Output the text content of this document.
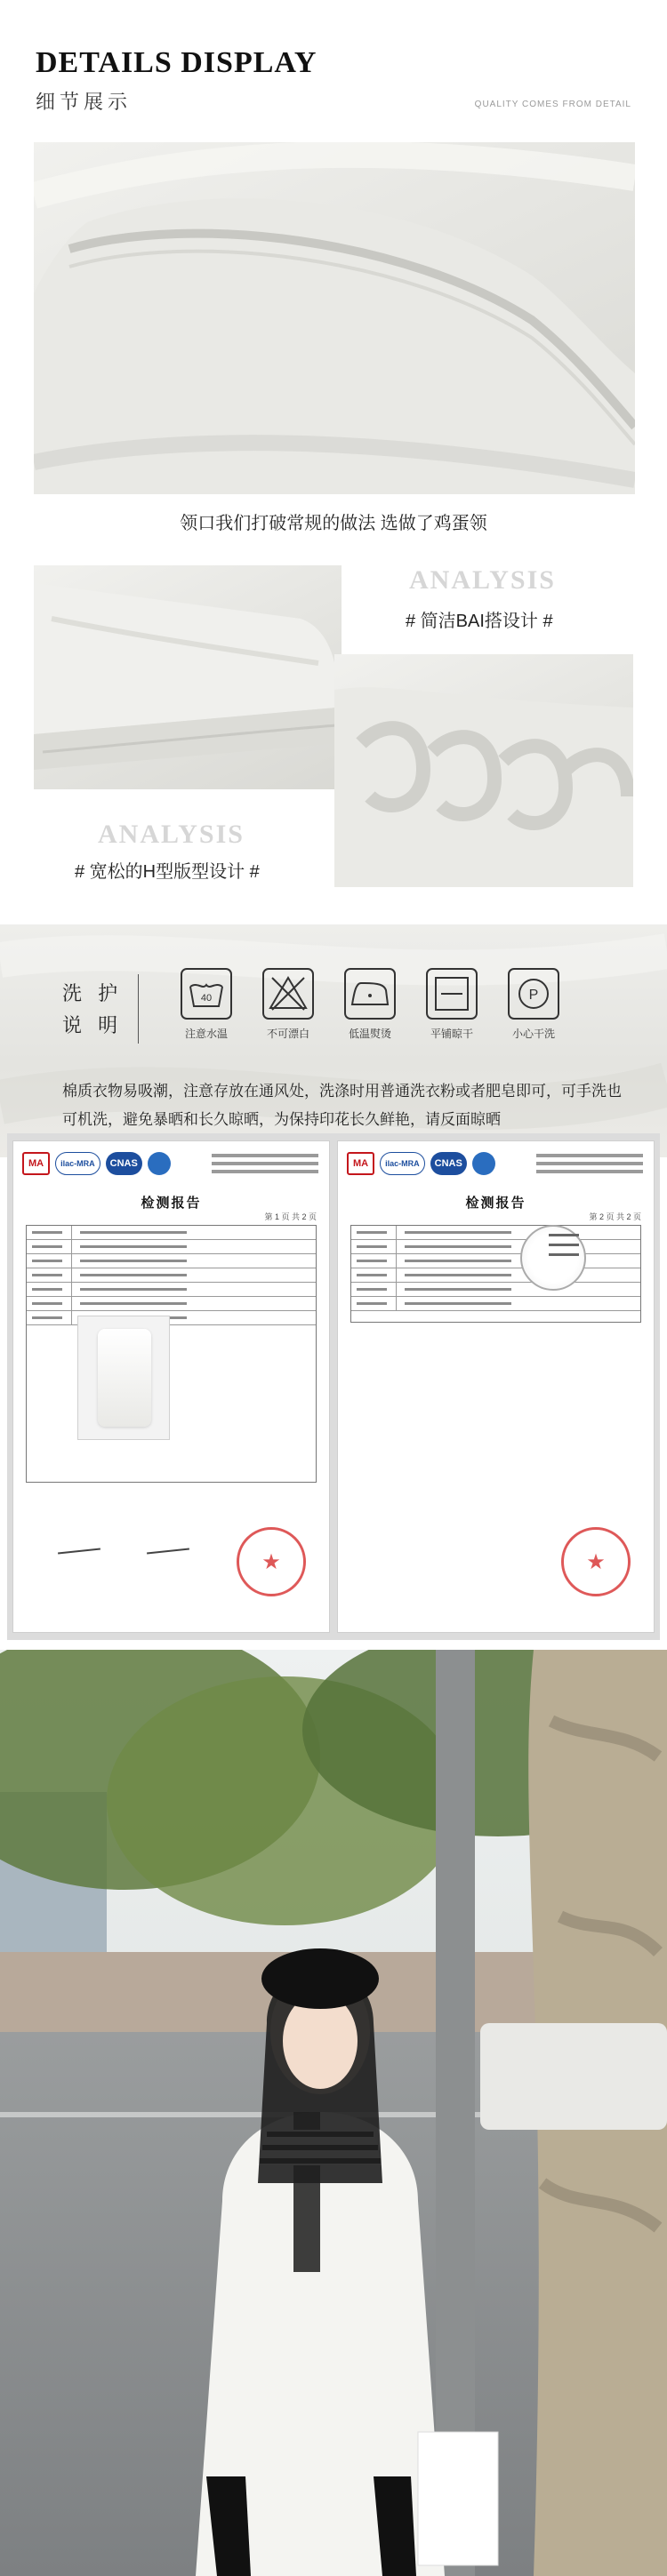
DETAILS DISPLAY
细节展示	QUALITY COMES FROM DETAIL
领口我们打破常规的做法 选做了鸡蛋领
ANALYSIS
# 简洁BAI搭设计 #
ANALYSIS
# 宽松的H型版型设计 #
洗 护
说 明
40
注意水温	不可漂白	低温熨烫	平铺晾干
P
小心干洗
棉质衣物易吸潮，注意存放在通风处，洗涤时用普通洗衣粉或者肥皂即可，可手洗也可机洗，避免暴晒和长久晾晒，为保持印花长久鲜艳，请反面晾晒
MA	ilac-MRA	CNAS
检测报告
第 1 页 共 2 页
★
MA	ilac-MRA	CNAS
检测报告
第 2 页 共 2 页
★
